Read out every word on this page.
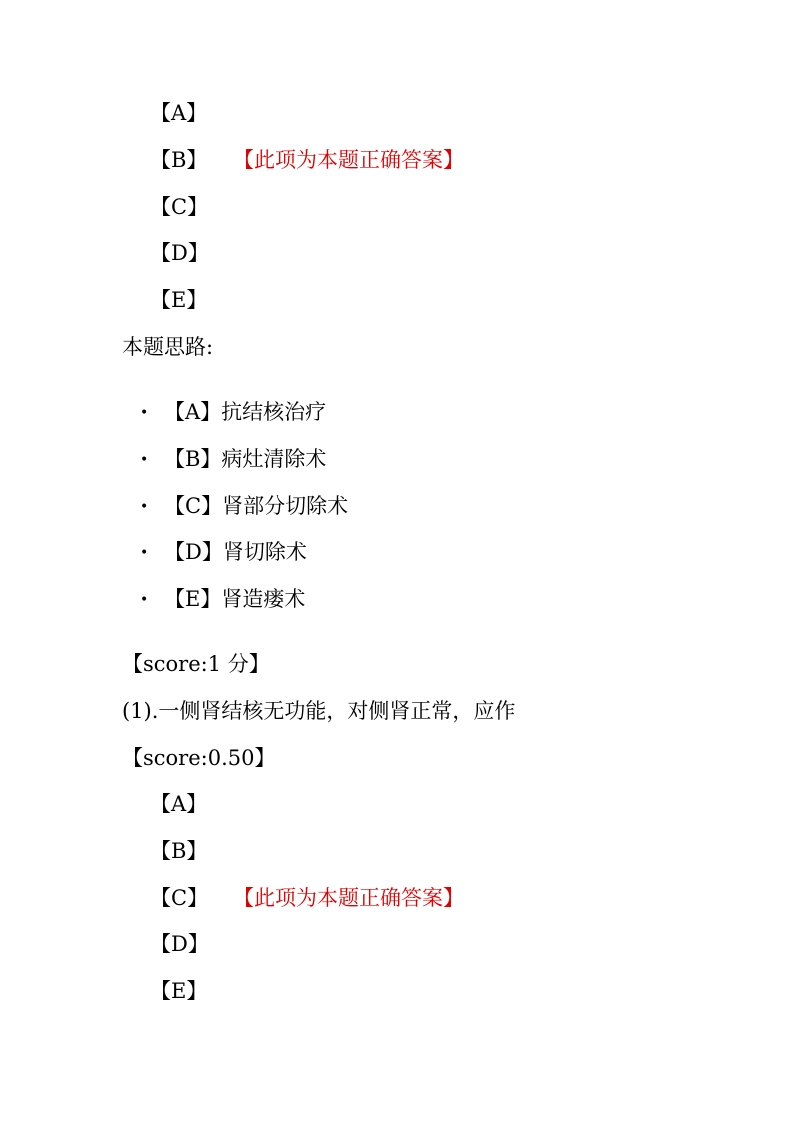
【A】
【B】 【此项为本题正确答案】
【C】
【D】
【E】
本题思路:
• 【A】抗结核治疗
• 【B】病灶清除术
• 【C】肾部分切除术
• 【D】肾切除术
• 【E】肾造瘘术
【score:1 分】
(1).一侧肾结核无功能，对侧肾正常，应作
【score:0.50】
【A】
【B】
【C】 【此项为本题正确答案】
【D】
【E】
